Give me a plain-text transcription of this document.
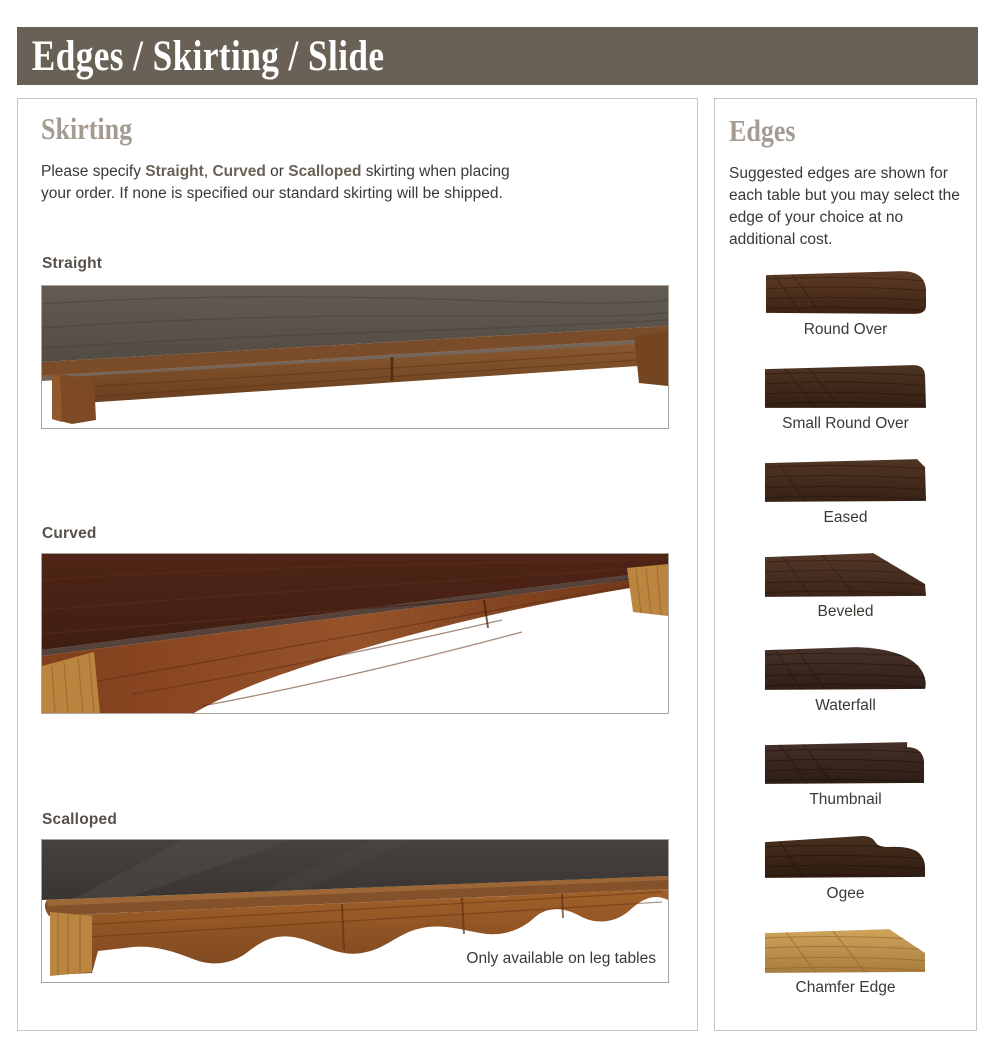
Edges / Skirting / Slide
Skirting

Please specify Straight, Curved or Scalloped skirting when placing your order. If none is specified our standard skirting will be shipped.

Straight
Curved
Scalloped
Only available on leg tables
Edges

Suggested edges are shown for each table but you may select the edge of your choice at no additional cost.

Round Over
Small Round Over
Eased
Beveled
Waterfall
Thumbnail
Ogee
Chamfer Edge
